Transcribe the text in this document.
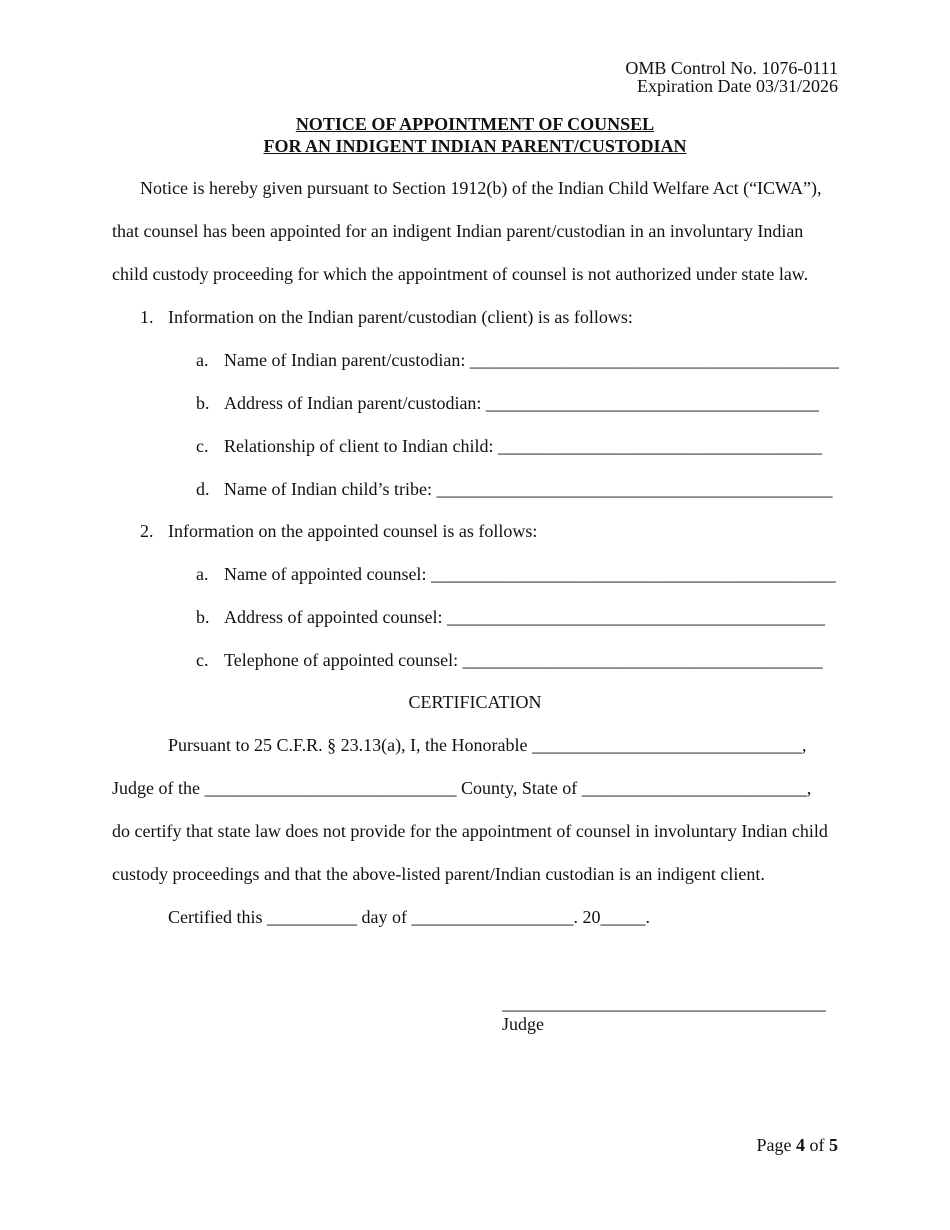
OMB Control No. 1076-0111
Expiration Date 03/31/2026
NOTICE OF APPOINTMENT OF COUNSEL
FOR AN INDIGENT INDIAN PARENT/CUSTODIAN
Notice is hereby given pursuant to Section 1912(b) of the Indian Child Welfare Act (“ICWA”),
that counsel has been appointed for an indigent Indian parent/custodian in an involuntary Indian
child custody proceeding for which the appointment of counsel is not authorized under state law.
1. Information on the Indian parent/custodian (client) is as follows:
a. Name of Indian parent/custodian: _________________________________________
b. Address of Indian parent/custodian: _____________________________________
c. Relationship of client to Indian child: ____________________________________
d. Name of Indian child’s tribe: ____________________________________________
2. Information on the appointed counsel is as follows:
a. Name of appointed counsel: _____________________________________________
b. Address of appointed counsel: __________________________________________
c. Telephone of appointed counsel: ________________________________________
CERTIFICATION
Pursuant to 25 C.F.R. § 23.13(a), I, the Honorable ______________________________,
Judge of the ____________________________ County, State of _________________________,
do certify that state law does not provide for the appointment of counsel in involuntary Indian child
custody proceedings and that the above-listed parent/Indian custodian is an indigent client.
Certified this __________ day of __________________. 20_____.
____________________________________
Judge
Page 4 of 5
